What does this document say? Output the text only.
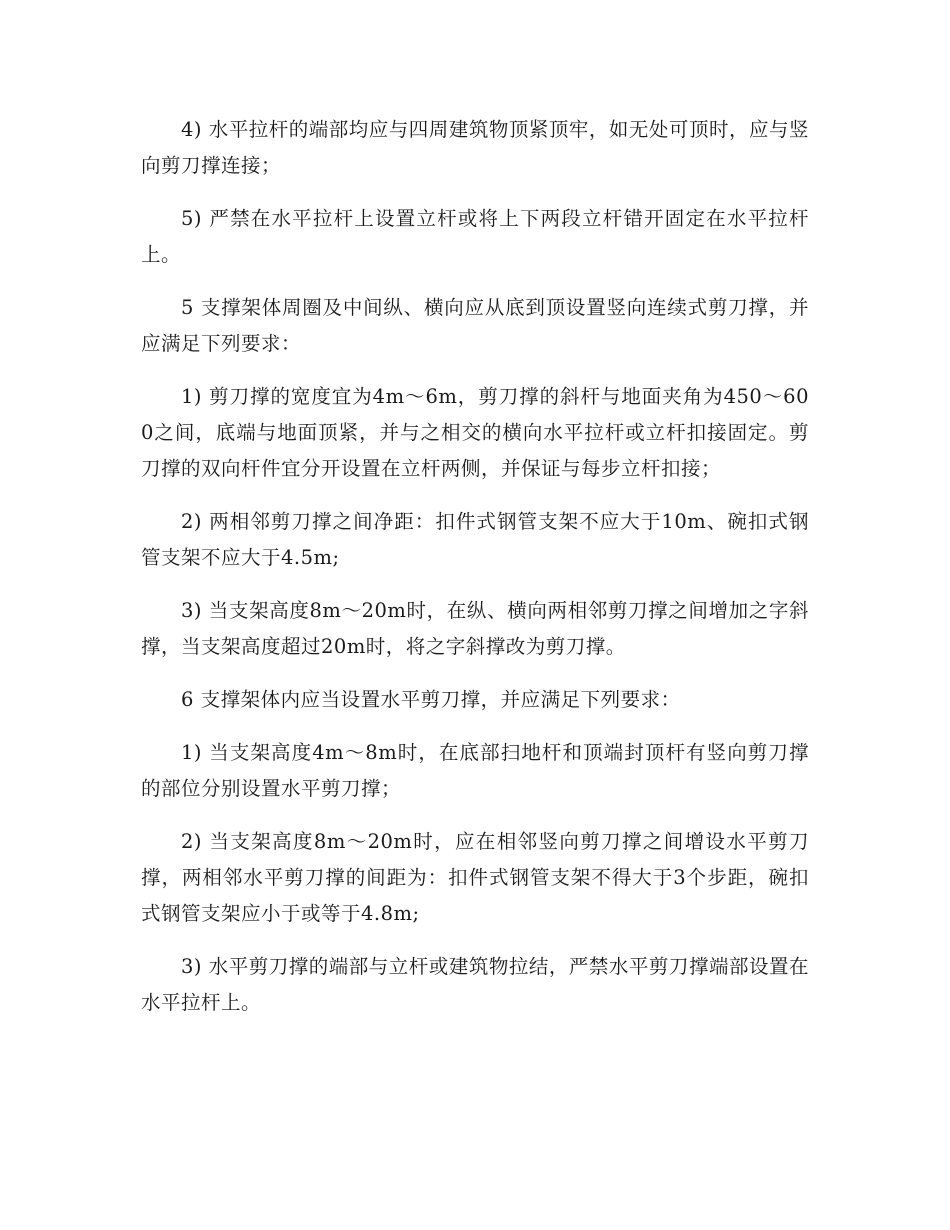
4) 水平拉杆的端部均应与四周建筑物顶紧顶牢，如无处可顶时，应与竖向剪刀撑连接；

5) 严禁在水平拉杆上设置立杆或将上下两段立杆错开固定在水平拉杆上。

5 支撑架体周圈及中间纵、横向应从底到顶设置竖向连续式剪刀撑，并应满足下列要求：

1) 剪刀撑的宽度宜为4m～6m，剪刀撑的斜杆与地面夹角为450～600之间，底端与地面顶紧，并与之相交的横向水平拉杆或立杆扣接固定。剪刀撑的双向杆件宜分开设置在立杆两侧，并保证与每步立杆扣接；

2) 两相邻剪刀撑之间净距：扣件式钢管支架不应大于10m、碗扣式钢管支架不应大于4.5m;

3) 当支架高度8m～20m时，在纵、横向两相邻剪刀撑之间增加之字斜撑，当支架高度超过20m时，将之字斜撑改为剪刀撑。

6 支撑架体内应当设置水平剪刀撑，并应满足下列要求：

1) 当支架高度4m～8m时，在底部扫地杆和顶端封顶杆有竖向剪刀撑的部位分别设置水平剪刀撑；

2) 当支架高度8m～20m时，应在相邻竖向剪刀撑之间增设水平剪刀撑，两相邻水平剪刀撑的间距为：扣件式钢管支架不得大于3个步距，碗扣式钢管支架应小于或等于4.8m;

3) 水平剪刀撑的端部与立杆或建筑物拉结，严禁水平剪刀撑端部设置在水平拉杆上。
